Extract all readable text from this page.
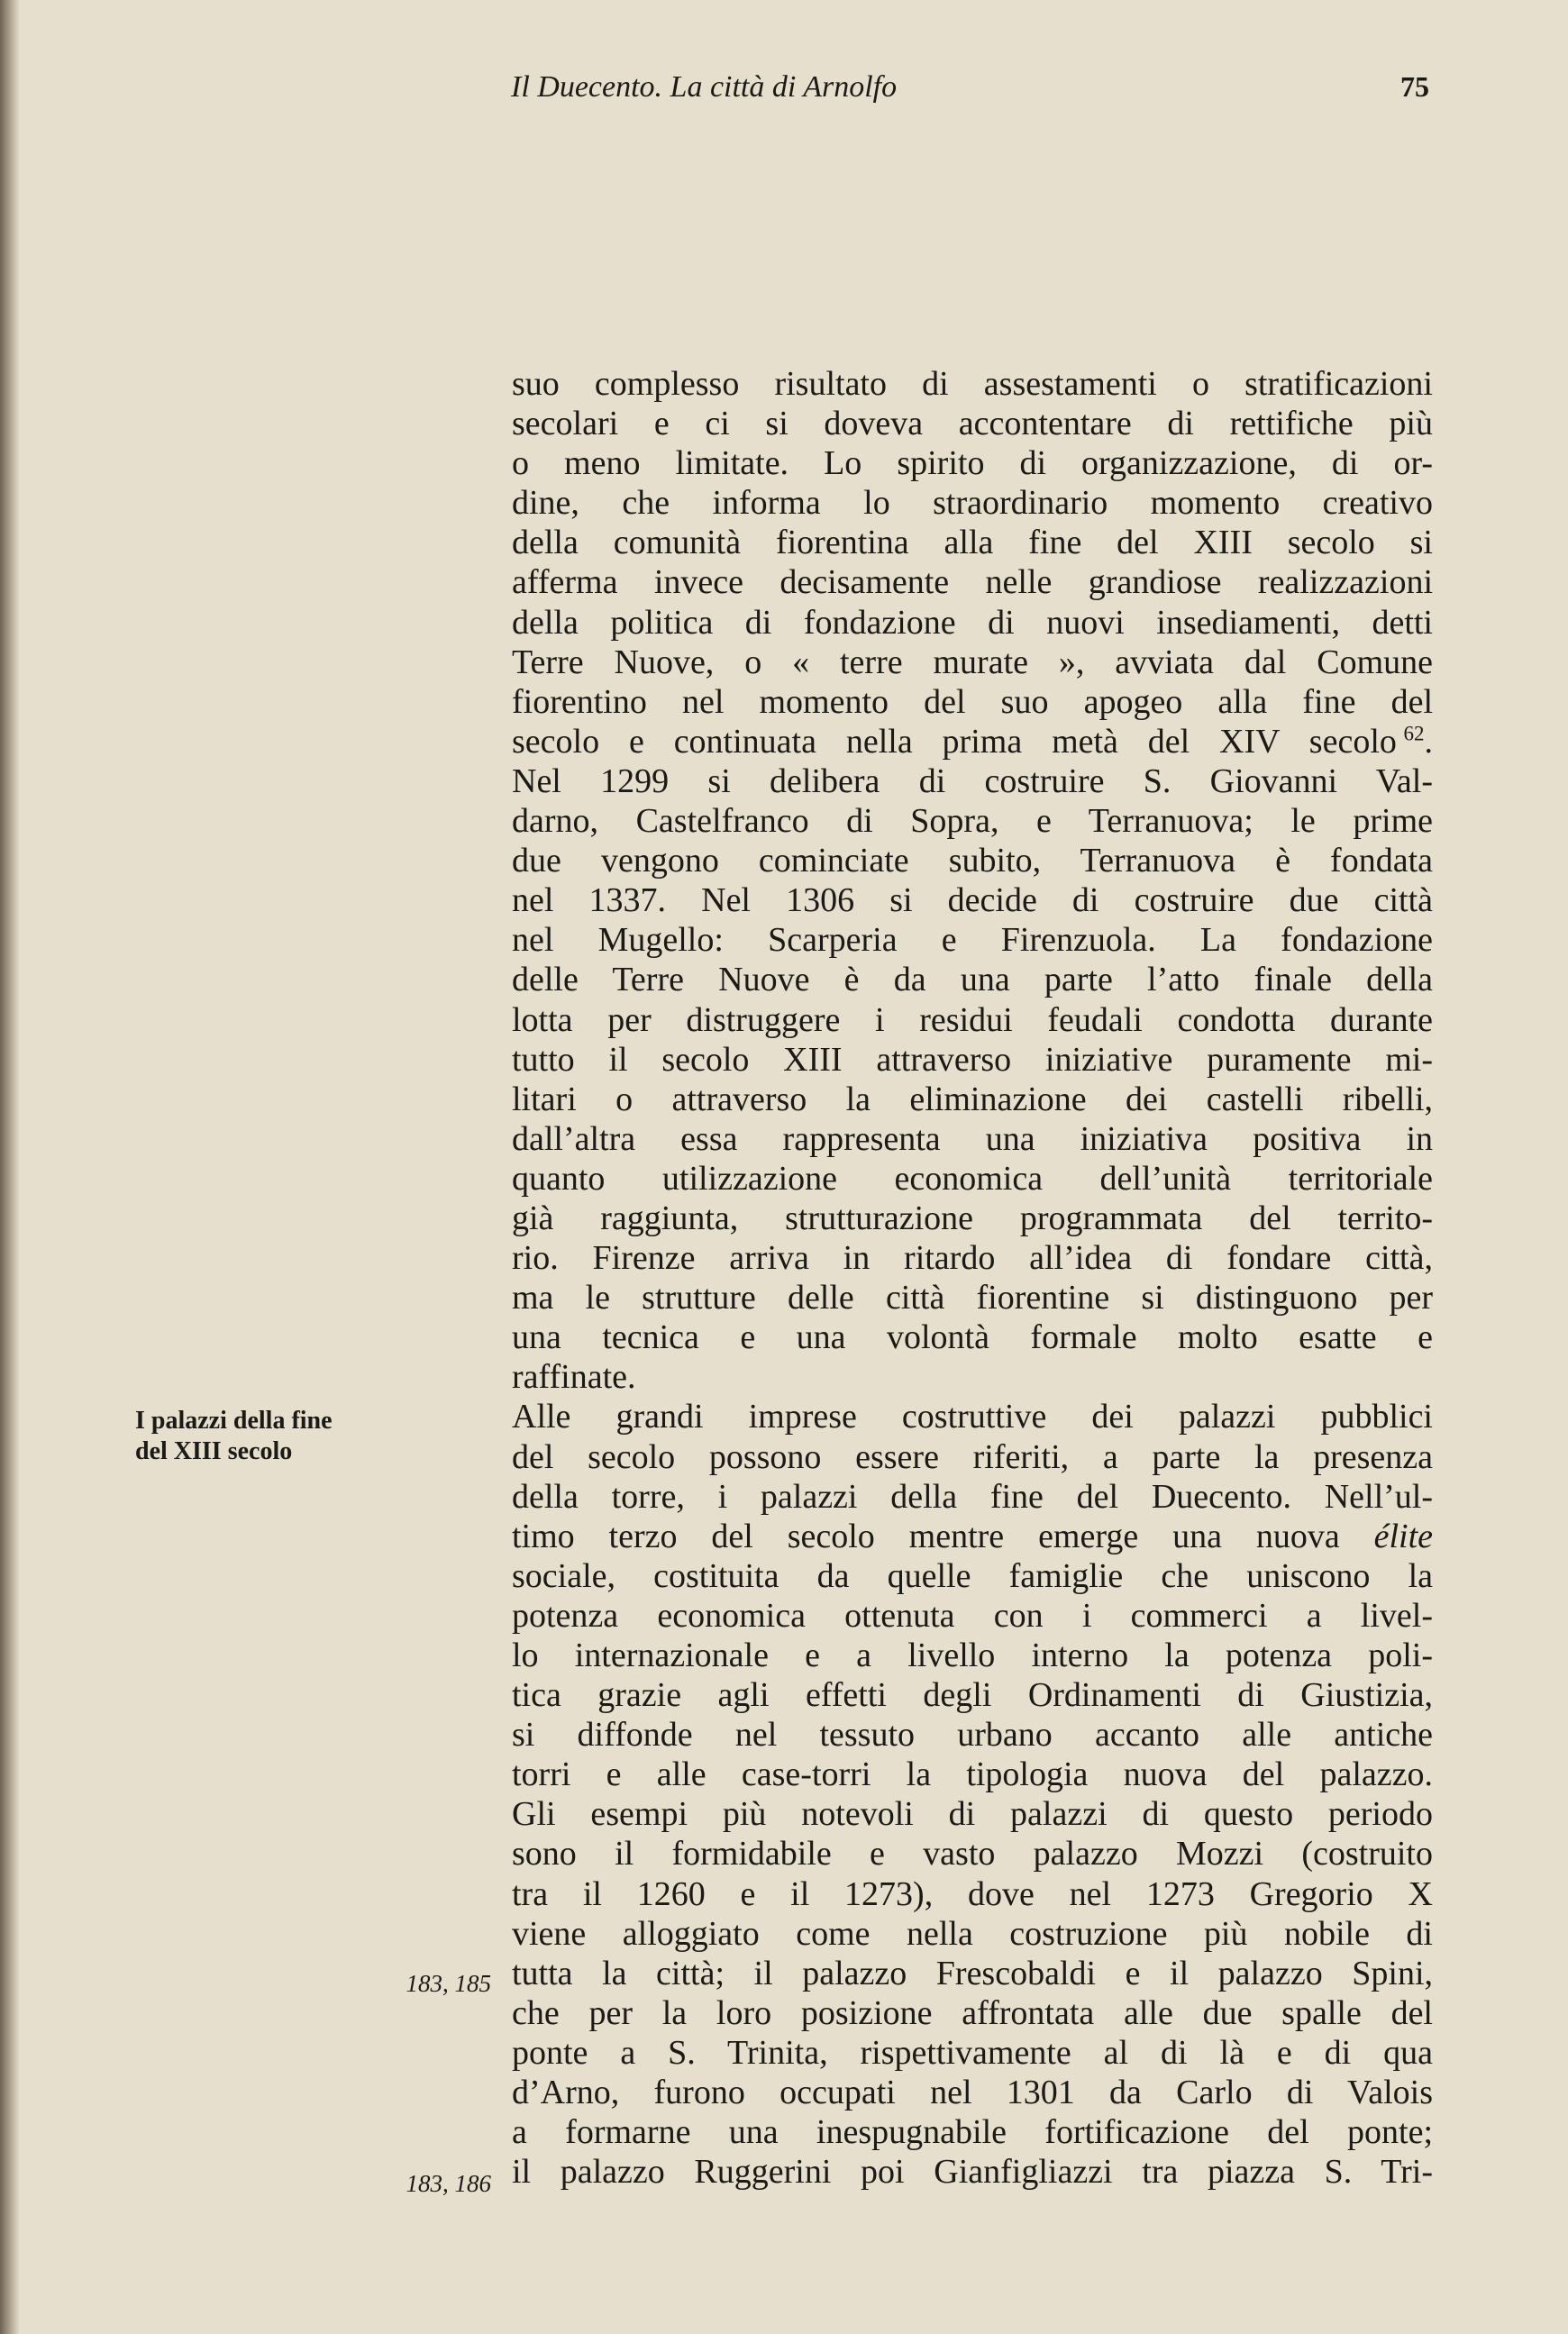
Il Duecento. La città di Arnolfo	75
I palazzi della fine
del XIII secolo
183, 185
183, 186
suo complesso risultato di assestamenti o stratificazioni
secolari e ci si doveva accontentare di rettifiche più
o meno limitate. Lo spirito di organizzazione, di or-
dine, che informa lo straordinario momento creativo
della comunità fiorentina alla fine del XIII secolo si
afferma invece decisamente nelle grandiose realizzazioni
della politica di fondazione di nuovi insediamenti, detti
Terre Nuove, o « terre murate », avviata dal Comune
fiorentino nel momento del suo apogeo alla fine del
secolo e continuata nella prima metà del XIV secolo  $^{62}$.
Nel 1299 si delibera di costruire S. Giovanni Val-
darno, Castelfranco di Sopra, e Terranuova; le prime
due vengono cominciate subito, Terranuova è fondata
nel 1337. Nel 1306 si decide di costruire due città
nel Mugello: Scarperia e Firenzuola. La fondazione
delle Terre Nuove è da una parte l’atto finale della
lotta per distruggere i residui feudali condotta durante
tutto il secolo XIII attraverso iniziative puramente mi-
litari o attraverso la eliminazione dei castelli ribelli,
dall’altra essa rappresenta una iniziativa positiva in
quanto utilizzazione economica dell’unità territoriale
già raggiunta, strutturazione programmata del territo-
rio. Firenze arriva in ritardo all’idea di fondare città,
ma le strutture delle città fiorentine si distinguono per
una tecnica e una volontà formale molto esatte e
raffinate.
Alle grandi imprese costruttive dei palazzi pubblici
del secolo possono essere riferiti, a parte la presenza
della torre, i palazzi della fine del Duecento. Nell’ul-
timo terzo del secolo mentre emerge una nuova élite
sociale, costituita da quelle famiglie che uniscono la
potenza economica ottenuta con i commerci a livel-
lo internazionale e a livello interno la potenza poli-
tica grazie agli effetti degli Ordinamenti di Giustizia,
si diffonde nel tessuto urbano accanto alle antiche
torri e alle case-torri la tipologia nuova del palazzo.
Gli esempi più notevoli di palazzi di questo periodo
sono il formidabile e vasto palazzo Mozzi (costruito
tra il 1260 e il 1273), dove nel 1273 Gregorio X
viene alloggiato come nella costruzione più nobile di
tutta la città; il palazzo Frescobaldi e il palazzo Spini,
che per la loro posizione affrontata alle due spalle del
ponte a S. Trinita, rispettivamente al di là e di qua
d’Arno, furono occupati nel 1301 da Carlo di Valois
a formarne una inespugnabile fortificazione del ponte;
il palazzo Ruggerini poi Gianfigliazzi tra piazza S. Tri-
